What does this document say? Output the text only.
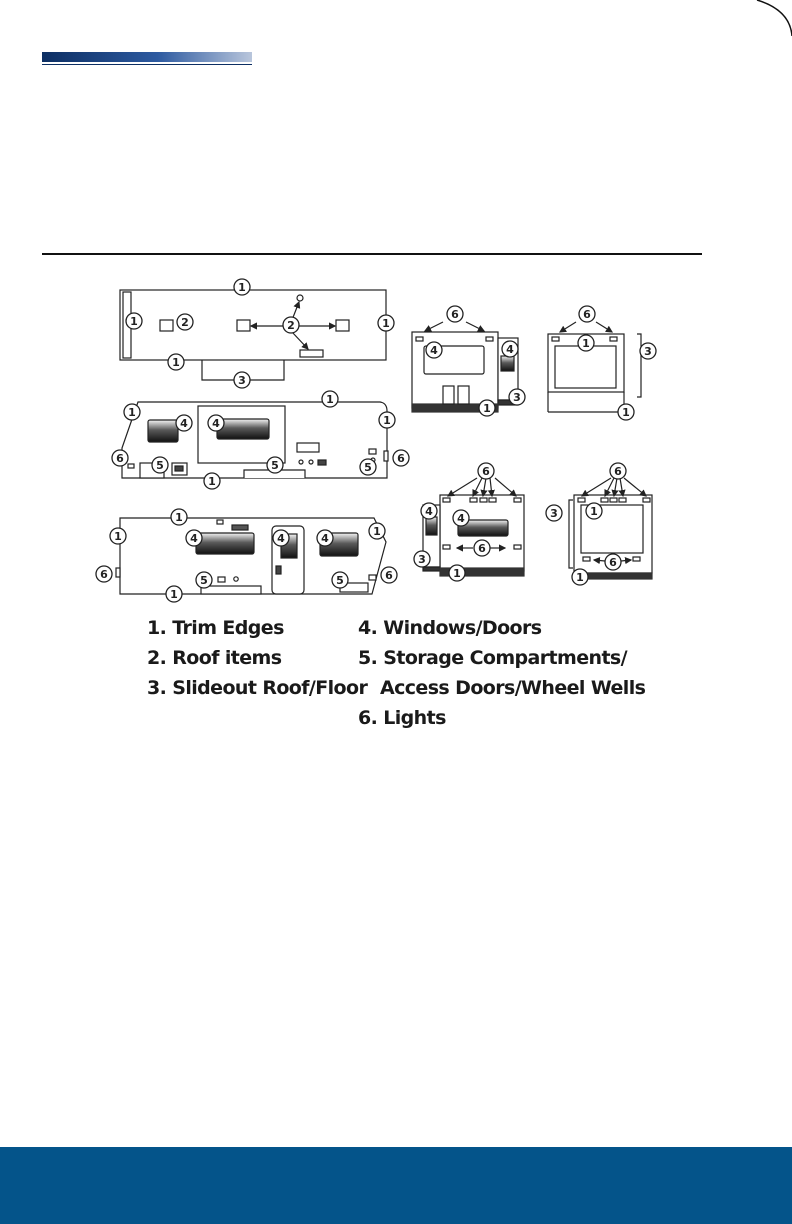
1
1	1
1
2	2
3
1
1
1
4 4
6
5	5	5
6
1
1
1	1
4	4	4
6	5	5	6
1
6
4	4
3
1
6
1
3
1
6
4
4
6
3
1
6
1
6
3
1
1. Trim Edges
2. Roof items
3. Slideout Roof/Floor
4. Windows/Doors
5. Storage Compartments/
Access Doors/Wheel Wells
6. Lights
